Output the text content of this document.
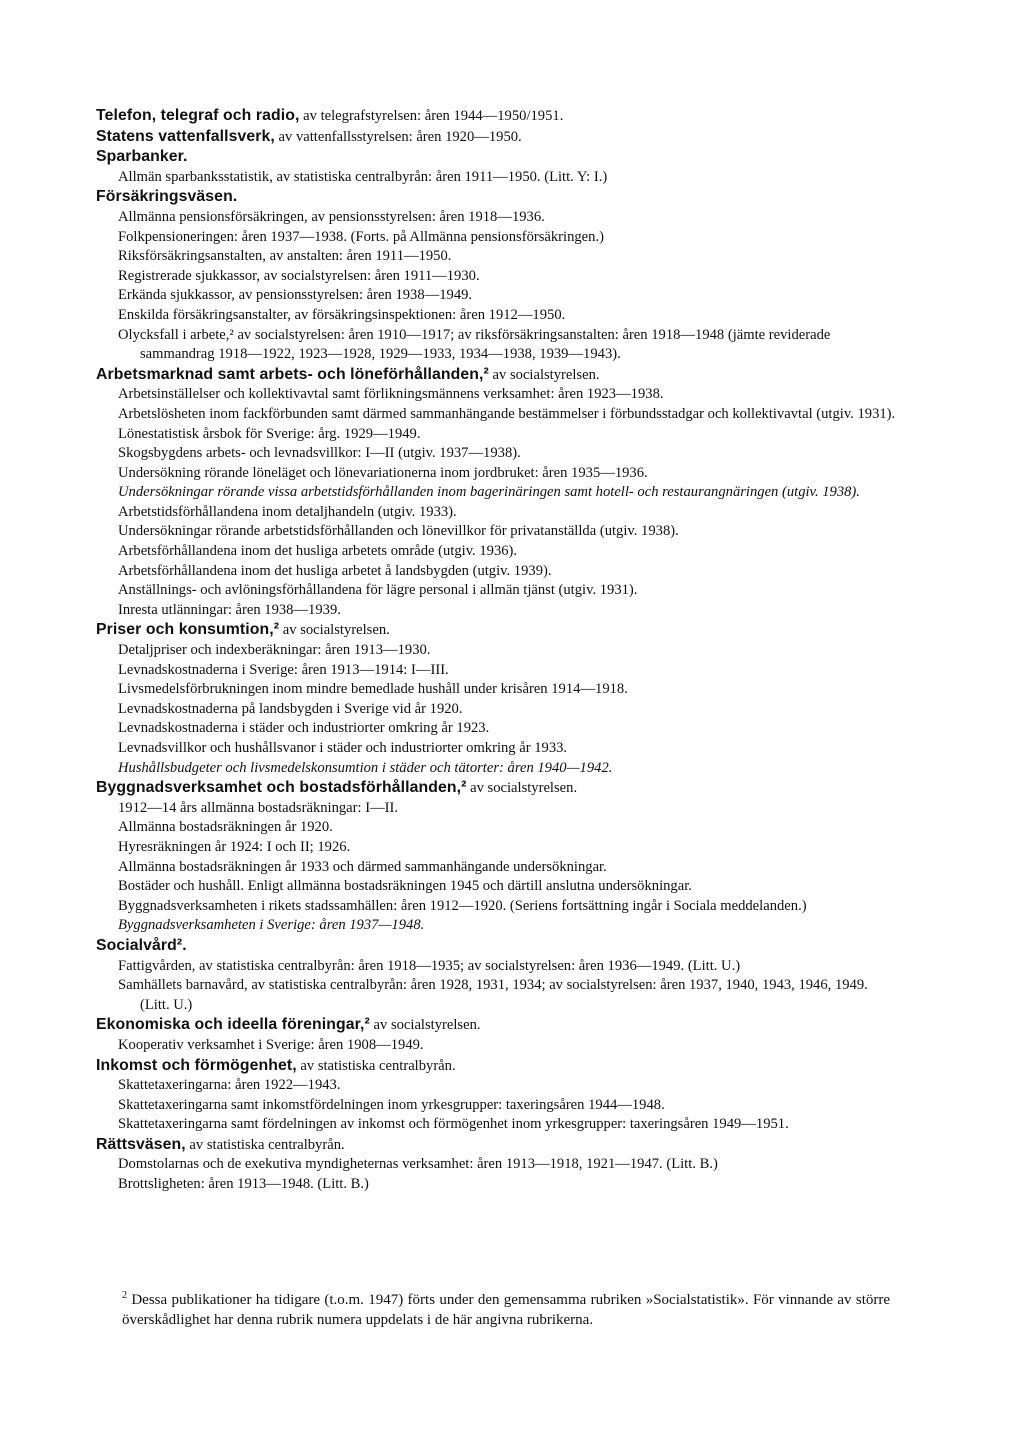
Telefon, telegraf och radio, av telegrafstyrelsen: åren 1944—1950/1951.
Statens vattenfallsverk, av vattenfallsstyrelsen: åren 1920—1950.
Sparbanker.
Allmän sparbanksstatistik, av statistiska centralbyrån: åren 1911—1950. (Litt. Y: I.)
Försäkringsväsen.
Allmänna pensionsförsäkringen, av pensionsstyrelsen: åren 1918—1936.
Folkpensioneringen: åren 1937—1938. (Forts. på Allmänna pensionsförsäkringen.)
Riksförsäkringsanstalten, av anstalten: åren 1911—1950.
Registrerade sjukkassor, av socialstyrelsen: åren 1911—1930.
Erkända sjukkassor, av pensionsstyrelsen: åren 1938—1949.
Enskilda försäkringsanstalter, av försäkringsinspektionen: åren 1912—1950.
Olycksfall i arbete,² av socialstyrelsen: åren 1910—1917; av riksförsäkringsanstalten: åren 1918—1948 (jämte reviderade sammandrag 1918—1922, 1923—1928, 1929—1933, 1934—1938, 1939—1943).
Arbetsmarknad samt arbets- och löneförhållanden,² av socialstyrelsen.
Arbetsinställelser och kollektivavtal samt förlikningsmännens verksamhet: åren 1923—1938.
Arbetslösheten inom fackförbunden samt därmed sammanhängande bestämmelser i förbundsstadgar och kollektivavtal (utgiv. 1931).
Lönestatistisk årsbok för Sverige: årg. 1929—1949.
Skogsbygdens arbets- och levnadsvillkor: I—II (utgiv. 1937—1938).
Undersökning rörande löneläget och lönevariationerna inom jordbruket: åren 1935—1936.
Undersökningar rörande vissa arbetstidsförhållanden inom bagerinäringen samt hotell- och restaurangnäringen (utgiv. 1938).
Arbetstidsförhållandena inom detaljhandeln (utgiv. 1933).
Undersökningar rörande arbetstidsförhållanden och lönevillkor för privatanställda (utgiv. 1938).
Arbetsförhållandena inom det husliga arbetets område (utgiv. 1936).
Arbetsförhållandena inom det husliga arbetet å landsbygden (utgiv. 1939).
Anställnings- och avlöningsförhållandena för lägre personal i allmän tjänst (utgiv. 1931).
Inresta utlänningar: åren 1938—1939.
Priser och konsumtion,² av socialstyrelsen.
Detaljpriser och indexberäkningar: åren 1913—1930.
Levnadskostnaderna i Sverige: åren 1913—1914: I—III.
Livsmedelsförbrukningen inom mindre bemedlade hushåll under krisåren 1914—1918.
Levnadskostnaderna på landsbygden i Sverige vid år 1920.
Levnadskostnaderna i städer och industriorter omkring år 1923.
Levnadsvillkor och hushållsvanor i städer och industriorter omkring år 1933.
Hushållsbudgeter och livsmedelskonsumtion i städer och tätorter: åren 1940—1942.
Byggnadsverksamhet och bostadsförhållanden,² av socialstyrelsen.
1912—14 års allmänna bostadsräkningar: I—II.
Allmänna bostadsräkningen år 1920.
Hyresräkningen år 1924: I och II; 1926.
Allmänna bostadsräkningen år 1933 och därmed sammanhängande undersökningar.
Bostäder och hushåll. Enligt allmänna bostadsräkningen 1945 och därtill anslutna undersökningar.
Byggnadsverksamheten i rikets stadssamhällen: åren 1912—1920. (Seriens fortsättning ingår i Sociala meddelanden.)
Byggnadsverksamheten i Sverige: åren 1937—1948.
Socialvård².
Fattigvården, av statistiska centralbyrån: åren 1918—1935; av socialstyrelsen: åren 1936—1949. (Litt. U.)
Samhällets barnavård, av statistiska centralbyrån: åren 1928, 1931, 1934; av socialstyrelsen: åren 1937, 1940, 1943, 1946, 1949. (Litt. U.)
Ekonomiska och ideella föreningar,² av socialstyrelsen.
Kooperativ verksamhet i Sverige: åren 1908—1949.
Inkomst och förmögenhet, av statistiska centralbyrån.
Skattetaxeringarna: åren 1922—1943.
Skattetaxeringarna samt inkomstfördelningen inom yrkesgrupper: taxeringsåren 1944—1948.
Skattetaxeringarna samt fördelningen av inkomst och förmögenhet inom yrkesgrupper: taxeringsåren 1949—1951.
Rättsväsen, av statistiska centralbyrån.
Domstolarnas och de exekutiva myndigheternas verksamhet: åren 1913—1918, 1921—1947. (Litt. B.)
Brottsligheten: åren 1913—1948. (Litt. B.)
$^2$ Dessa publikationer ha tidigare (t.o.m. 1947) förts under den gemensamma rubriken »Socialstatistik». För vinnande av större överskådlighet har denna rubrik numera uppdelats i de här angivna rubrikerna.
